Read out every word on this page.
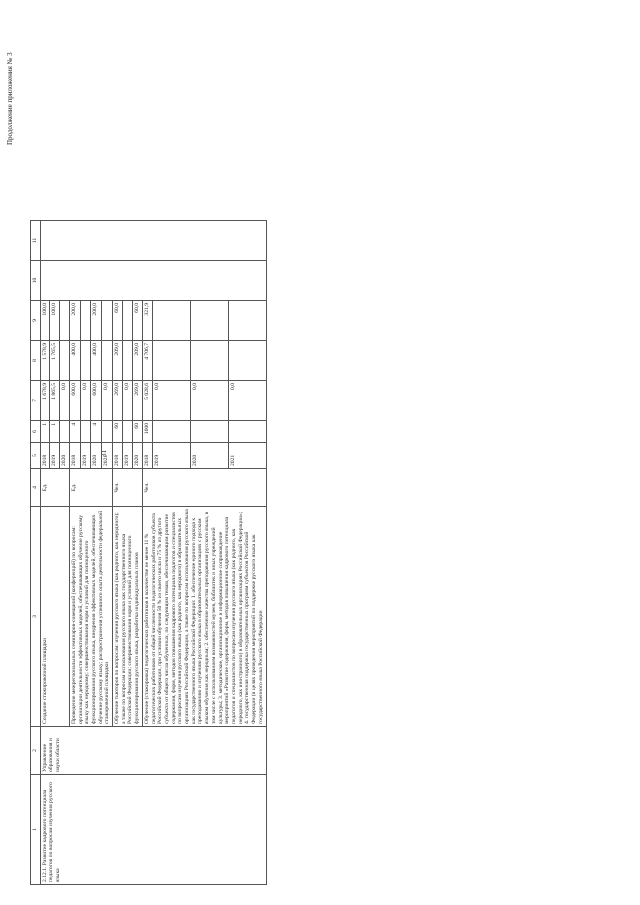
Продолжение приложения № 3
31
1	2	3	4	5	6	7	8	9	10	11
2.12.1. Развитие кадрового потенциала педагогов по вопросам изучения русского языка	Управление образования и науки области	Создание стажировочной площадки	Ед.	2018	1	1 678,9	1 578,9	100,0		
				2019	1	1 865,5	1 765,5	100,0		
				2020		0,0				
		Проведение межрегиональных семинаров-совещаний (конференций) по вопросам: организации деятельности эффективных моделей, обеспечивающих обучение русскому языку как неродному; совершенствования норм и условий для полноценного функционирования русского языка, внедрения эффективных моделей, обеспечивающих обучение русскому языку; распространения успешного опыта деятельности федеральной стажировочной площадки	Ед.	2018	4	600,0	400,0	200,0		
				2019		0,0				
				2020	4	600,0	400,0	200,0		
				2021		0,0				
		Обучение тьюторов по вопросам: изучения русского языка (как родного, как неродного); а также по вопросам использования русского языка как государственного языка Российской Федерации; совершенствования норм и условий для полноценного функционирования русского языка, разработка индивидуальных планов	Чел.	2018	60	269,0	209,0	60,0		
				2019		0,0				
				2020	60	269,0	209,0	60,0		
		Обучение (стажировка) педагогических работников в количестве не менее 11 % педагогических работников от общей численности педагогических работников субъекта Российской Федерации, при условии обучения 50 % из своего числа и 75 % из другого субъекта от общего числа обученных, по следующим темам, обеспечивающим развитие содержания, форм, методов повышения кадрового потенциала педагогов и специалистов по вопросам изучения русского языка (как родного, как неродного) в образовательных организациях Российской Федерации, а также по вопросам использования русского языка как государственного языка Российской Федерации: 1. обеспечение единого подхода к преподаванию и изучению русского языка в образовательных организациях с русским языком обучения как неродным; 2. обеспечение качества преподавания русского языка, в том числе с использованием возможностей музеев, библиотек и иных учреждений культуры; 3. методическое, организационное и информационное сопровождение мероприятий «Развитие содержания, форм, методов повышения кадрового потенциала педагогов и специалистов по вопросам изучения русского языка (как родного, как неродного, как иностранного) в образовательных организациях Российской Федерации»; 4. государственная поддержка государственных программ субъектов Российской Федерации (в целях проведения мероприятий по поддержке русского языка как государственного языка Российской Федерации	Чел.	2018	1600	5 028,6	4 706,7	321,9		

				2019		0,0				

				2020		0,0				

				2021		0,0				
